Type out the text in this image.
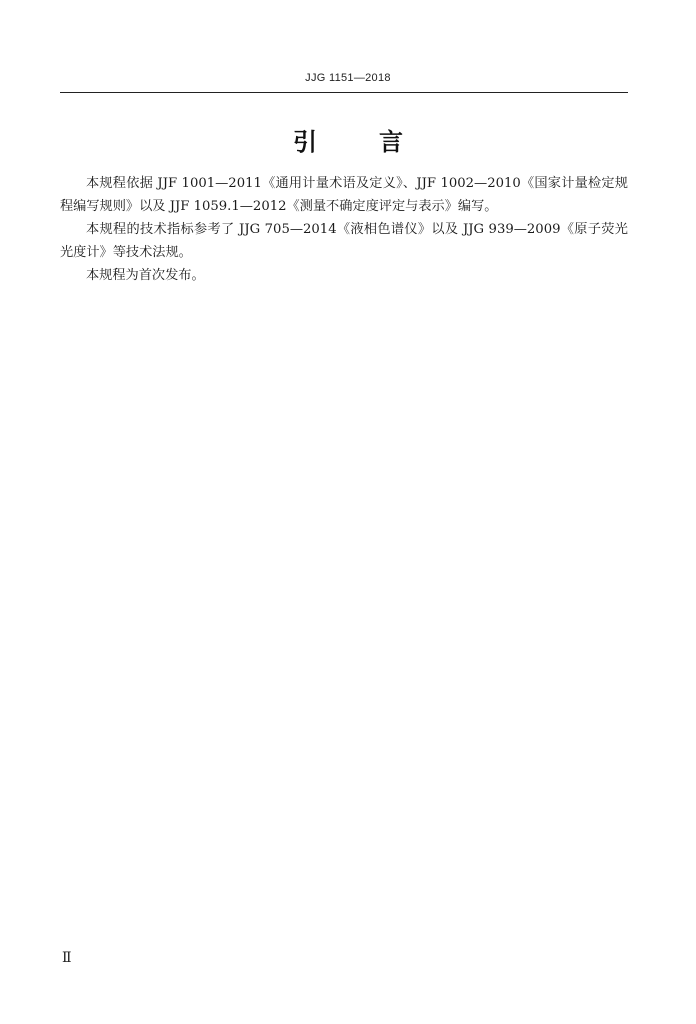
JJG 1151—2018
引	言

本规程依据 JJF 1001—2011《通用计量术语及定义》、JJF 1002—2010《国家计量检定规程编写规则》以及 JJF 1059.1—2012《测量不确定度评定与表示》编写。

本规程的技术指标参考了 JJG 705—2014《液相色谱仪》以及 JJG 939—2009《原子荧光光度计》等技术法规。

本规程为首次发布。

Ⅱ
